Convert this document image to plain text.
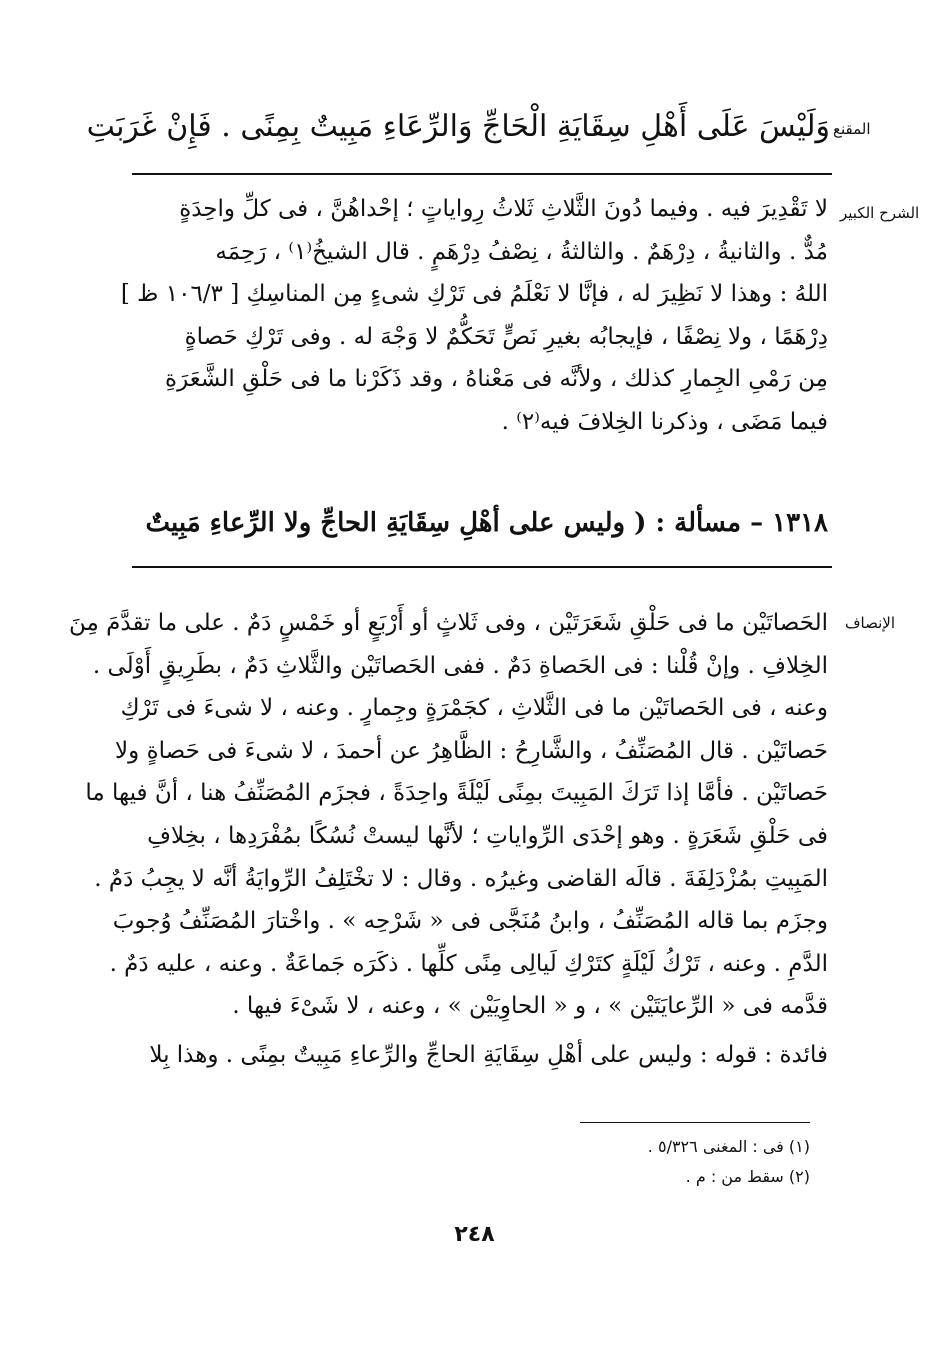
المقنع
وَلَيْسَ عَلَى أَهْلِ سِقَايَةِ الْحَاجِّ وَالرِّعَاءِ مَبِيتٌ بِمِنًى . فَإِنْ غَرَبَتِ
الشرح الكبير
لا تَقْدِيرَ فيه . وفيما دُونَ الثَّلاثِ ثَلاثُ رِواياتٍ ؛ إحْداهُنَّ ، فى كلِّ واحِدَةٍ
مُدٌّ . والثانيةُ ، دِرْهَمٌ . والثالثةُ ، نِصْفُ دِرْهَمٍ . قال الشيخُ⁽١⁾ ، رَحِمَه
اللهُ : وهذا لا نَظِيرَ له ، فإنَّا لا نَعْلَمُ فى تَرْكِ شىءٍ مِن المناسِكِ [ ١٠٦/٣ ظ ]
دِرْهَمًا ، ولا نِصْفًا ، فإيجابُه بغيرِ نَصٍّ تَحَكُّمٌ لا وَجْهَ له . وفى تَرْكِ حَصاةٍ
مِن رَمْىِ الجِمارِ كذلك ، ولأنَّه فى مَعْناهُ ، وقد ذَكَرْنا ما فى حَلْقِ الشَّعَرَةِ
فيما مَضَى ، وذكرنا الخِلافَ فيه⁽٢⁾ .
١٣١٨ – مسألة : ( وليس على أهْلِ سِقَايَةِ الحاجِّ ولا الرِّعاءِ مَبِيتٌ
الإنصاف
الحَصاتَيْن ما فى حَلْقِ شَعَرَتَيْن ، وفى ثَلاثٍ أو أَرْبَعٍ أو خَمْسٍ دَمٌ . على ما تقدَّمَ مِنَ
الخِلافِ . وإنْ قُلْنا : فى الحَصاةِ دَمٌ . ففى الحَصاتَيْن والثَّلاثِ دَمٌ ، بطَرِيقٍ أَوْلَى .
وعنه ، فى الحَصاتَيْن ما فى الثَّلاثِ ، كجَمْرَةٍ وجِمارٍ . وعنه ، لا شىءَ فى تَرْكِ
حَصاتَيْن . قال المُصَنِّفُ ، والشَّارِحُ : الظَّاهِرُ عن أحمدَ ، لا شىءَ فى حَصاةٍ ولا
حَصاتَيْن . فأمَّا إذا تَرَكَ المَبِيتَ بمِنًى لَيْلَةً واحِدَةً ، فجزَم المُصَنِّفُ هنا ، أنَّ فيها ما
فى حَلْقِ شَعَرَةٍ . وهو إحْدَى الرِّواياتِ ؛ لأنَّها ليستْ نُسُكًا بمُفْرَدِها ، بخِلافِ
المَبِيتِ بمُزْدَلِفَةَ . قالَه القاضى وغيرُه . وقال : لا تخْتَلِفُ الرِّوايَةُ أنَّه لا يجِبُ دَمٌ .
وجزَم بما قاله المُصَنِّفُ ، وابنُ مُنَجَّى فى « شَرْحِه » . واخْتارَ المُصَنِّفُ وُجوبَ
الدَّمِ . وعنه ، تَرْكُ لَيْلَةٍ كتَرْكِ لَيالِى مِنًى كلِّها . ذكَرَه جَماعَةٌ . وعنه ، عليه دَمٌ .
قدَّمه فى « الرِّعايَتَيْن » ، و « الحاوِيَيْن » ، وعنه ، لا شَىْءَ فيها .
فائدة : قوله : وليس على أهْلِ سِقَايَةِ الحاجِّ والرِّعاءِ مَبِيتٌ بمِنًى . وهذا بِلا
(١) فى : المغنى ٥/٣٢٦ .
(٢) سقط من : م .
٢٤٨
